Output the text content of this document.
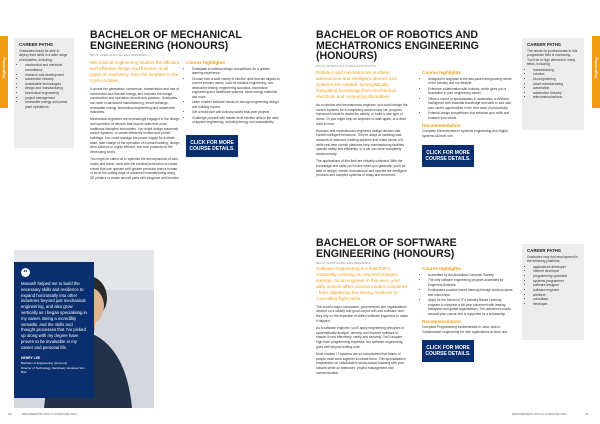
Engineering	Engineering
CAREER PATHS
Graduates would be able to deploy their skills in a wide range of industries, including:
• mechanical and electrical consultancy
• research and development
• automotive industry
• sustainable technologies
• design and manufacturing
• biomedical engineering
• project management
• renewable energy and power plant operations.
BACHELOR OF MECHANICAL ENGINEERING (HONOURS)
BPUP (MECHANICAL ENGINEERING)
Mechanical engineering studies the efficient and effective design and function of all types of machinery, from the simplest to the most complex.

It covers the generation, conversion, transmission and use of mechanical and thermal energy, and includes the design, construction and operation of tools and systems. Graduates can work in advanced manufacturing, smart buildings, renewable energy, biomedical engineering and automotive industries.

Mechanical engineers are increasingly engaged in the design and operation of devices that require skills that cross traditional discipline boundaries. You might design automatic control systems, or create efficiently heated and cooled buildings. You could manage the power supply for a whole state, take charge of the operation of a smart building, design wind turbines or highly efficient, low-cost products for the developing world.

You might be called on to optimise the aerodynamics of cars, trucks and trains, work with the medical profession to create robots that can operate with greater precision than a human, or be at the cutting edge of advanced manufacturing using 3D printers to create aircraft parts with elegance and function.

Course highlights
• Participate in external design competitions for a greater learning experience.
• Choose from a wide variety of elective units that are aligned to current industry needs, such as robotics engineering, non-destructive testing, engineering acoustics, biomedical engineering and healthcare systems, clean energy materials and more.
• Learn modern software hands-on through engineering design and building reports.
• Get a head start with industry-based final-year projects.
• Challenge yourself with master-level elective units in the area of applied engineering, including energy and sustainability.
CLICK FOR MORE COURSE DETAILS.
“
Monash helped me to build the necessary skills and resilience to expand horizontally into other industries beyond just mechanical engineering, and also grow vertically as I began specialising in my career. Being a incredibly versatile, and the skills and thought processes that I've picked up along with my degree have proven to be invaluable in my career and personal life.
HENRY LEE
Bachelor of Engineering (Honours)
Director of Technology, Sanctuary Ventures Sdn Bhd
BACHELOR OF ROBOTICS AND MECHATRONICS ENGINEERING (HONOURS)
BPUP (ROBOTICS & MECHATRONICS)
Robotics and mechatronics is where autonomous and intelligent devices and systems are created, synergistically integrating knowledge from mechanical, electrical, and computing disciplines.

As a robotics and mechatronics engineer, you could design the control systems for a completely autonomous car, program humanoid robots to assist the elderly, or build a new type of drone. Or you might help an amputee to walk again, or a deaf child to hear.

Robotics and mechatronics engineers design devices that exhibit intelligent behaviour. They're adept at handling vast amounts of data and creating systems that make sense of it, while real-time robotic platforms help manufacturing facilities operate safely and efficiently, or a car can drive completely autonomously.

The applications of this field are virtually unlimited. With the knowledge and skills you'll have when you graduate, you'll be able to design, create, manufacture and operate the intelligent products and complex systems of today and tomorrow.

Course highlights
• Designed in response to the fast-paced and growing needs of the industry and our lifestyle.
• Extensive collaboration with industry, which gives you a foundation in your engineering career.
• Offers a choice of specialisation in automation or Artificial Intelligence with essential knowledge and skills to kick start your career opportunities in the next wave of productivity.
• External design competitions that enhance your skills and broaden your minds.
Recommendation
Complete Mechatronics in systems engineering and Digital systems all-level one.
CLICK FOR MORE COURSE DETAILS.
CAREER PATHS
The needs for professionals in this progressive field is increasing. You'll be in high demand in many fields, including:
• manufacturing
• robotics
• bio-engineering
• smart manufacturing
• automation
• automotive industry
• telecommunications.
BACHELOR OF SOFTWARE ENGINEERING (HONOURS)
BPUP (SOFTWARE ENGINEERING)
Software engineering is a field that's constantly evolving as new technologies emerge. As an engineer in this area, your daily actions affect various modern industries - from digitalising the saving medicine to controlling flight paths.

The world's major companies, governments and organisations depend on a steady and good output with well software, and they rely on the expertise of skilled software engineers to make it happen.

As a software engineer, you'll apply engineering principles to systematically analyse, develop and improve software to ensure it runs effectively, safely and securely. You'll acquire high level programming expertise, but software engineering goes well beyond writing code.

Most modern IT systems are so complicated that teams of people must work together to create them. This specialisation emphasises on collaborative studio-based learning with your classes while on teamwork, project management and communication.

Course highlights
• Accredited by the Australian Computer Society.
• The only software engineering program accredited by Engineers Australia.
• Emphasises practice-based learning through studio projects and internships.
• Apply for the School of IT's Industry Based Learning program to complete a full-year placement with leading Malaysian and global organisations. The placement counts towards your course and is supported by a scholarship.
Recommendation
Complete Programming fundamentals in Java, and/or Collaborative engineering for web applications at level one.
CLICK FOR MORE COURSE DETAILS.
CAREER PATHS
Graduates may find employment in the following positions:
• applications developer
• internet developer
• programming specialist
• systems programmer
• software designer
• software engineer
• architect
• consultant
• developer.
30	ENGINEERING WITH A PURPOSE 2021	ENGINEERING WITH A PURPOSE 2021	31
